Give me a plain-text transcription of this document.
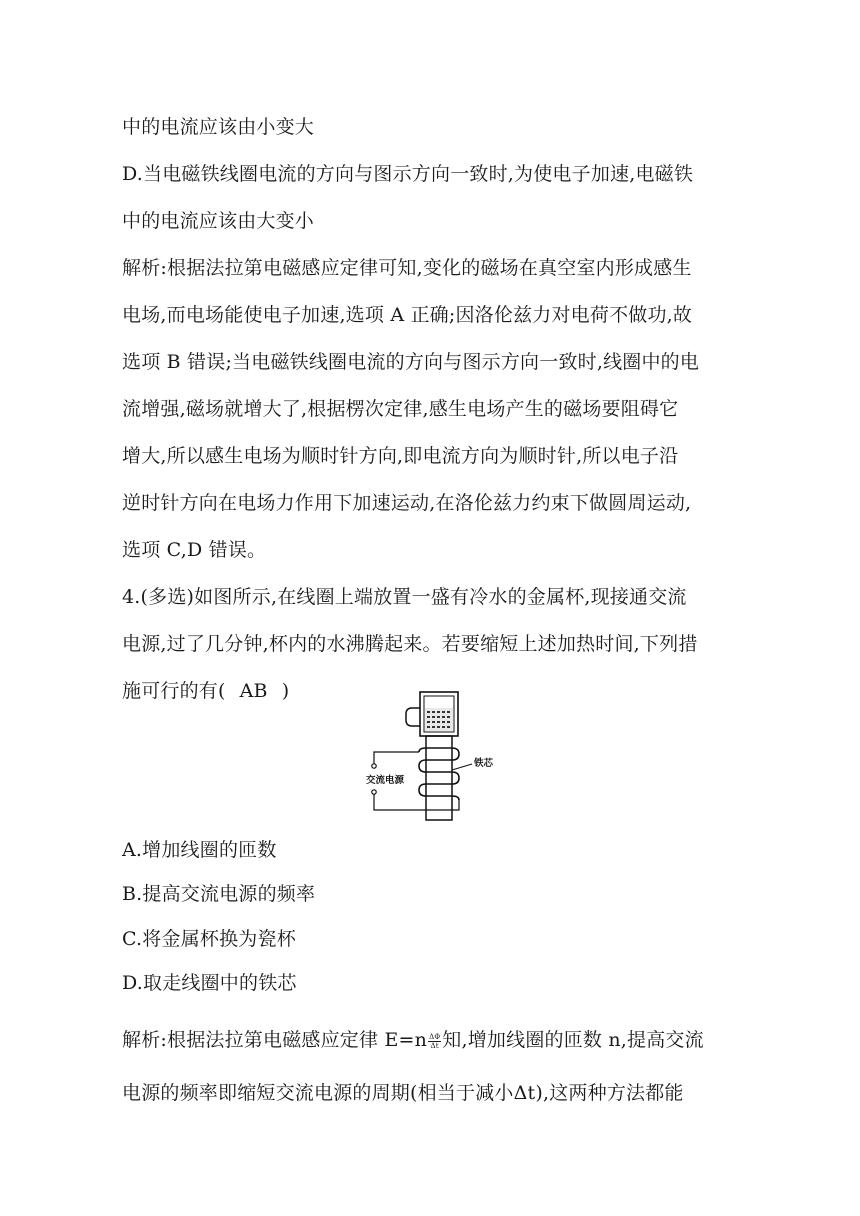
中的电流应该由小变大
D.当电磁铁线圈电流的方向与图示方向一致时,为使电子加速,电磁铁
中的电流应该由大变小
解析:根据法拉第电磁感应定律可知,变化的磁场在真空室内形成感生
电场,而电场能使电子加速,选项 A 正确;因洛伦兹力对电荷不做功,故
选项 B 错误;当电磁铁线圈电流的方向与图示方向一致时,线圈中的电
流增强,磁场就增大了,根据楞次定律,感生电场产生的磁场要阻碍它
增大,所以感生电场为顺时针方向,即电流方向为顺时针,所以电子沿
逆时针方向在电场力作用下加速运动,在洛伦兹力约束下做圆周运动,
选项 C,D 错误。
4.(多选)如图所示,在线圈上端放置一盛有冷水的金属杯,现接通交流
电源,过了几分钟,杯内的水沸腾起来。若要缩短上述加热时间,下列措
施可行的有( AB )
交流电源
铁芯
A.增加线圈的匝数
B.提高交流电源的频率
C.将金属杯换为瓷杯
D.取走线圈中的铁芯
解析:根据法拉第电磁感应定律 $E=n \frac{\Delta\Phi}{\Delta t}$ 知,增加线圈的匝数 n,提高交流
电源的频率即缩短交流电源的周期(相当于减小Δt),这两种方法都能
